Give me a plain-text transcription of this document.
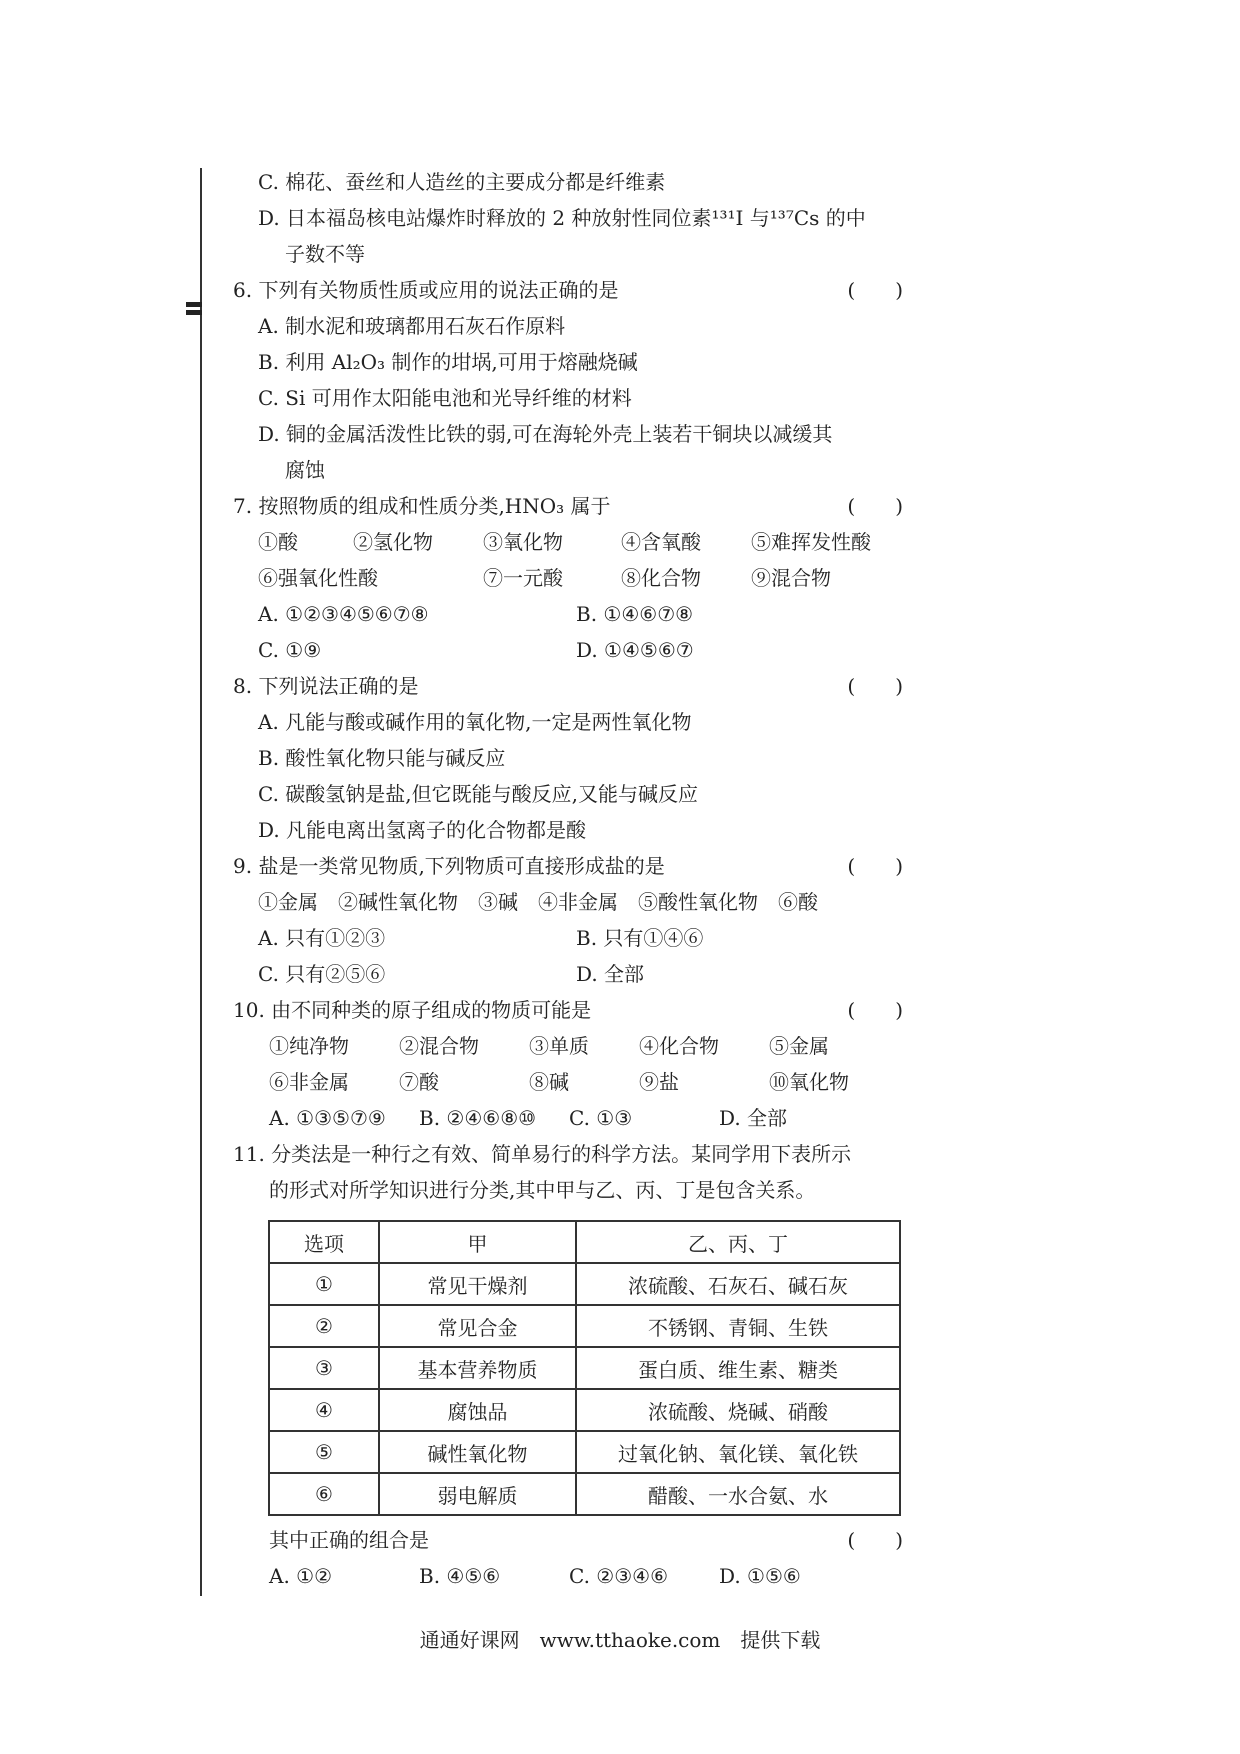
C. 棉花、蚕丝和人造丝的主要成分都是纤维素
D. 日本福岛核电站爆炸时释放的 2 种放射性同位素¹³¹I 与¹³⁷Cs 的中
子数不等
6. 下列有关物质性质或应用的说法正确的是	(　　)
A. 制水泥和玻璃都用石灰石作原料
B. 利用 Al₂O₃ 制作的坩埚,可用于熔融烧碱
C. Si 可用作太阳能电池和光导纤维的材料
D. 铜的金属活泼性比铁的弱,可在海轮外壳上装若干铜块以减缓其
腐蚀
7. 按照物质的组成和性质分类,HNO₃ 属于	(　　)
①酸	②氢化物	③氧化物	④含氧酸	⑤难挥发性酸
⑥强氧化性酸	⑦一元酸	⑧化合物	⑨混合物
A. ①②③④⑤⑥⑦⑧	B. ①④⑥⑦⑧
C. ①⑨	D. ①④⑤⑥⑦
8. 下列说法正确的是	(　　)
A. 凡能与酸或碱作用的氧化物,一定是两性氧化物
B. 酸性氧化物只能与碱反应
C. 碳酸氢钠是盐,但它既能与酸反应,又能与碱反应
D. 凡能电离出氢离子的化合物都是酸
9. 盐是一类常见物质,下列物质可直接形成盐的是	(　　)
①金属　②碱性氧化物　③碱　④非金属　⑤酸性氧化物　⑥酸
A. 只有①②③	B. 只有①④⑥
C. 只有②⑤⑥	D. 全部
10. 由不同种类的原子组成的物质可能是	(　　)
①纯净物	②混合物	③单质	④化合物	⑤金属
⑥非金属	⑦酸	⑧碱	⑨盐	⑩氧化物
A. ①③⑤⑦⑨	B. ②④⑥⑧⑩	C. ①③	D. 全部
11. 分类法是一种行之有效、简单易行的科学方法。某同学用下表所示
的形式对所学知识进行分类,其中甲与乙、丙、丁是包含关系。
选项	甲	乙、丙、丁
①	常见干燥剂	浓硫酸、石灰石、碱石灰
②	常见合金	不锈钢、青铜、生铁
③	基本营养物质	蛋白质、维生素、糖类
④	腐蚀品	浓硫酸、烧碱、硝酸
⑤	碱性氧化物	过氧化钠、氧化镁、氧化铁
⑥	弱电解质	醋酸、一水合氨、水
其中正确的组合是	(　　)
A. ①②	B. ④⑤⑥	C. ②③④⑥	D. ①⑤⑥
通通好课网　www.tthaoke.com　提供下载
